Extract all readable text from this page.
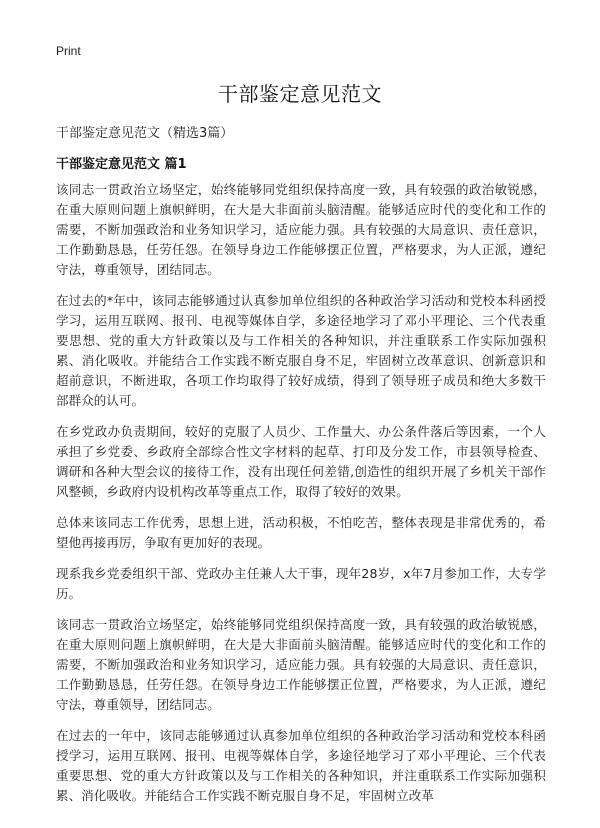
Print
干部鉴定意见范文

干部鉴定意见范文（精选3篇）

干部鉴定意见范文 篇1

该同志一贯政治立场坚定，始终能够同党组织保持高度一致，具有较强的政治敏锐感，在重大原则问题上旗帜鲜明，在大是大非面前头脑清醒。能够适应时代的变化和工作的需要，不断加强政治和业务知识学习，适应能力强。具有较强的大局意识、责任意识，工作勤勤恳恳，任劳任怨。在领导身边工作能够摆正位置，严格要求，为人正派，遵纪守法，尊重领导，团结同志。

在过去的*年中，该同志能够通过认真参加单位组织的各种政治学习活动和党校本科函授学习，运用互联网、报刊、电视等媒体自学，多途径地学习了邓小平理论、三个代表重要思想、党的重大方针政策以及与工作相关的各种知识，并注重联系工作实际加强积累、消化吸收。并能结合工作实践不断克服自身不足，牢固树立改革意识、创新意识和超前意识，不断进取，各项工作均取得了较好成绩，得到了领导班子成员和绝大多数干部群众的认可。

在乡党政办负责期间，较好的克服了人员少、工作量大、办公条件落后等因素，一个人承担了乡党委、乡政府全部综合性文字材料的起草、打印及分发工作，市县领导检查、调研和各种大型会议的接待工作，没有出现任何差错,创造性的组织开展了乡机关干部作风整顿，乡政府内设机构改革等重点工作，取得了较好的效果。

总体来该同志工作优秀，思想上进，活动积极，不怕吃苦，整体表现是非常优秀的，希望他再接再厉，争取有更加好的表现。

现系我乡党委组织干部、党政办主任兼人大干事，现年28岁，x年7月参加工作，大专学历。

该同志一贯政治立场坚定，始终能够同党组织保持高度一致，具有较强的政治敏锐感，在重大原则问题上旗帜鲜明，在大是大非面前头脑清醒。能够适应时代的变化和工作的需要，不断加强政治和业务知识学习，适应能力强。具有较强的大局意识、责任意识，工作勤勤恳恳，任劳任怨。在领导身边工作能够摆正位置，严格要求，为人正派，遵纪守法，尊重领导，团结同志。

在过去的一年中，该同志能够通过认真参加单位组织的各种政治学习活动和党校本科函授学习，运用互联网、报刊、电视等媒体自学，多途径地学习了邓小平理论、三个代表重要思想、党的重大方针政策以及与工作相关的各种知识，并注重联系工作实际加强积累、消化吸收。并能结合工作实践不断克服自身不足，牢固树立改革
